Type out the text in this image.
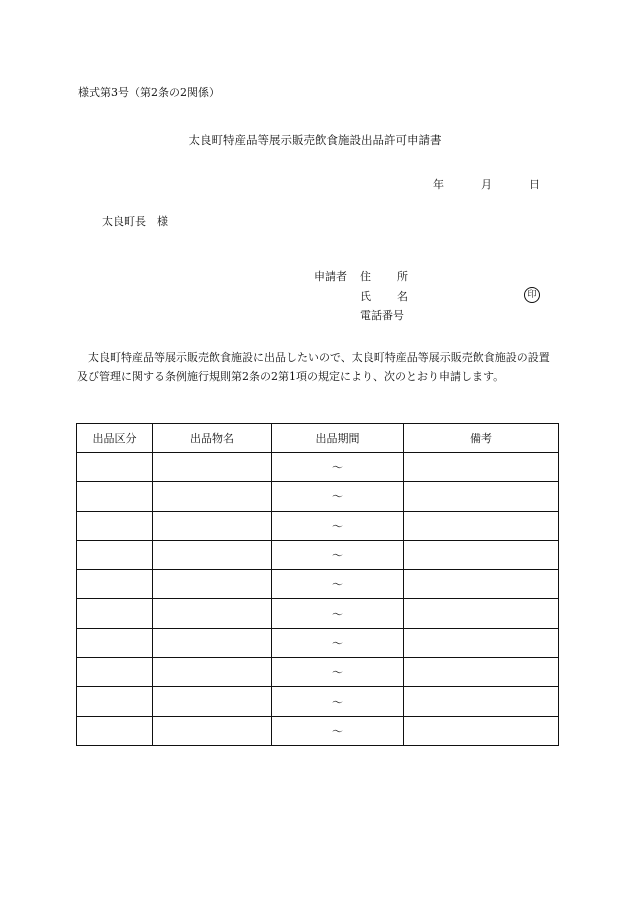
様式第3号（第2条の2関係）
太良町特産品等展示販売飲食施設出品許可申請書
年	月	日
太良町長　様
申請者 住 所
氏 名
電話番号
印
太良町特産品等展示販売飲食施設に出品したいので、太良町特産品等展示販売飲食施設の設置及び管理に関する条例施行規則第2条の2第1項の規定により、次のとおり申請します。
出品区分	出品物名	出品期間	備考
		～	
		～	
		～	
		～	
		～	
		～	
		～	
		～	
		～	
		～	
